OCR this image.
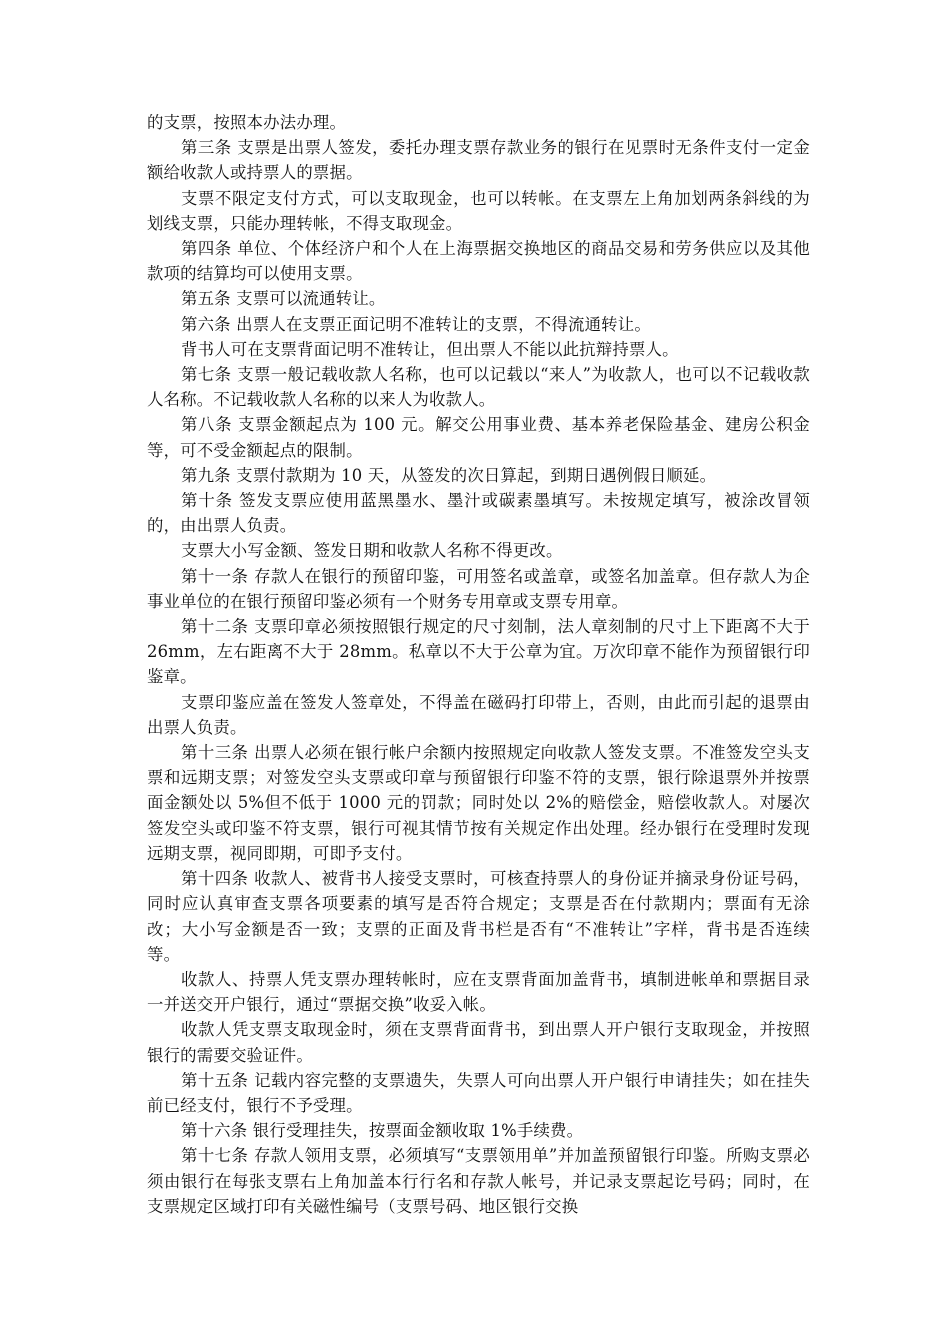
的支票，按照本办法办理。

第三条 支票是出票人签发，委托办理支票存款业务的银行在见票时无条件支付一定金额给收款人或持票人的票据。

支票不限定支付方式，可以支取现金，也可以转帐。在支票左上角加划两条斜线的为划线支票，只能办理转帐，不得支取现金。

第四条 单位、个体经济户和个人在上海票据交换地区的商品交易和劳务供应以及其他款项的结算均可以使用支票。

第五条 支票可以流通转让。

第六条 出票人在支票正面记明不准转让的支票，不得流通转让。

背书人可在支票背面记明不准转让，但出票人不能以此抗辩持票人。

第七条 支票一般记载收款人名称，也可以记载以“来人”为收款人，也可以不记载收款人名称。不记载收款人名称的以来人为收款人。

第八条 支票金额起点为 100 元。解交公用事业费、基本养老保险基金、建房公积金等，可不受金额起点的限制。

第九条 支票付款期为 10 天，从签发的次日算起，到期日遇例假日顺延。

第十条 签发支票应使用蓝黑墨水、墨汁或碳素墨填写。未按规定填写，被涂改冒领的，由出票人负责。

支票大小写金额、签发日期和收款人名称不得更改。

第十一条 存款人在银行的预留印鉴，可用签名或盖章，或签名加盖章。但存款人为企事业单位的在银行预留印鉴必须有一个财务专用章或支票专用章。

第十二条 支票印章必须按照银行规定的尺寸刻制，法人章刻制的尺寸上下距离不大于 26mm，左右距离不大于 28mm。私章以不大于公章为宜。万次印章不能作为预留银行印鉴章。

支票印鉴应盖在签发人签章处，不得盖在磁码打印带上，否则，由此而引起的退票由出票人负责。

第十三条 出票人必须在银行帐户余额内按照规定向收款人签发支票。不准签发空头支票和远期支票；对签发空头支票或印章与预留银行印鉴不符的支票，银行除退票外并按票面金额处以 5%但不低于 1000 元的罚款；同时处以 2%的赔偿金，赔偿收款人。对屡次签发空头或印鉴不符支票，银行可视其情节按有关规定作出处理。经办银行在受理时发现远期支票，视同即期，可即予支付。

第十四条 收款人、被背书人接受支票时，可核查持票人的身份证并摘录身份证号码，同时应认真审查支票各项要素的填写是否符合规定；支票是否在付款期内；票面有无涂改；大小写金额是否一致；支票的正面及背书栏是否有“不准转让”字样，背书是否连续等。

收款人、持票人凭支票办理转帐时，应在支票背面加盖背书，填制进帐单和票据目录一并送交开户银行，通过“票据交换”收妥入帐。

收款人凭支票支取现金时，须在支票背面背书，到出票人开户银行支取现金，并按照银行的需要交验证件。

第十五条 记载内容完整的支票遗失，失票人可向出票人开户银行申请挂失；如在挂失前已经支付，银行不予受理。

第十六条 银行受理挂失，按票面金额收取 1%手续费。

第十七条 存款人领用支票，必须填写“支票领用单”并加盖预留银行印鉴。所购支票必须由银行在每张支票右上角加盖本行行名和存款人帐号，并记录支票起讫号码；同时，在支票规定区域打印有关磁性编号（支票号码、地区银行交换
